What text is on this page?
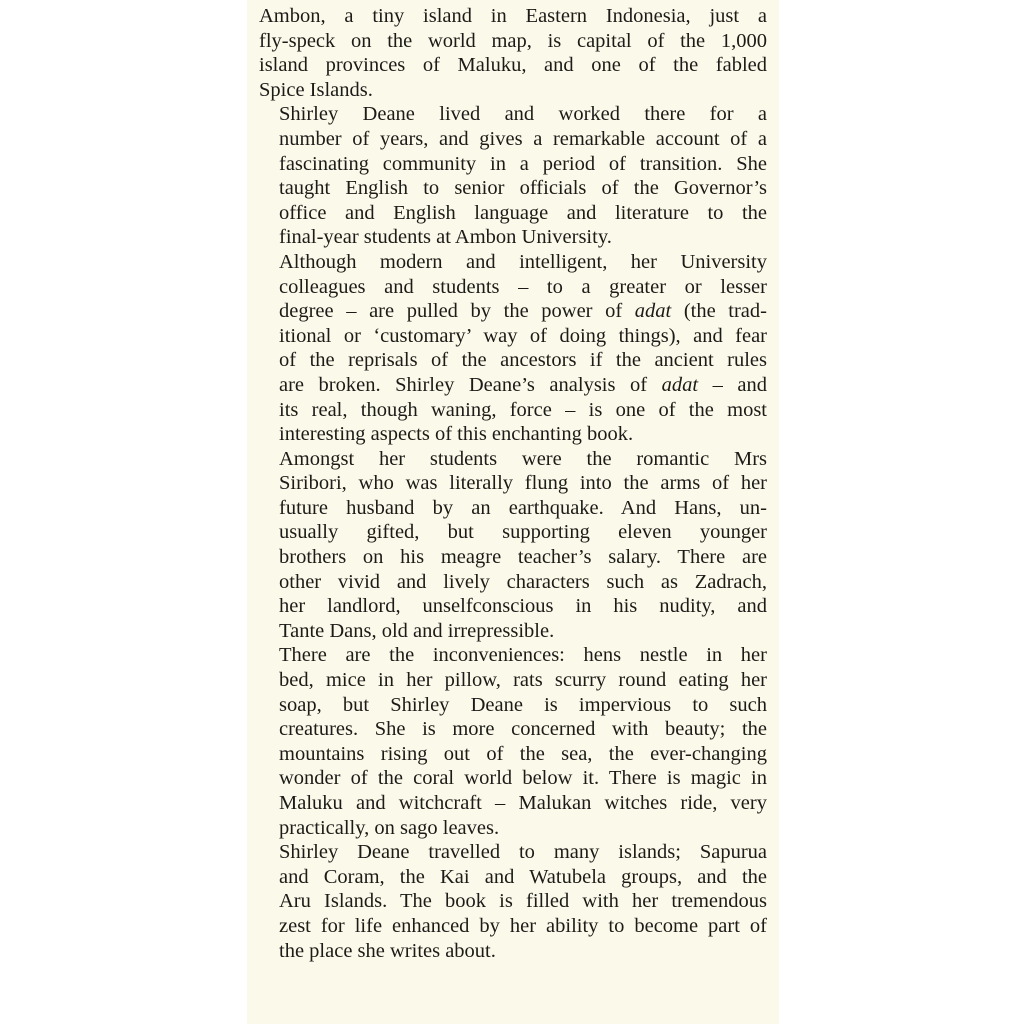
Ambon, a tiny island in Eastern Indonesia, just a
fly-speck on the world map, is capital of the 1,000
island provinces of Maluku, and one of the fabled
Spice Islands.

Shirley Deane lived and worked there for a
number of years, and gives a remarkable account of a
fascinating community in a period of transition. She
taught English to senior officials of the Governor’s
office and English language and literature to the
final-year students at Ambon University.

Although modern and intelligent, her University
colleagues and students – to a greater or lesser
degree – are pulled by the power of adat (the trad-
itional or ‘customary’ way of doing things), and fear
of the reprisals of the ancestors if the ancient rules
are broken. Shirley Deane’s analysis of adat – and
its real, though waning, force – is one of the most
interesting aspects of this enchanting book.

Amongst her students were the romantic Mrs
Siribori, who was literally flung into the arms of her
future husband by an earthquake. And Hans, un-
usually gifted, but supporting eleven younger
brothers on his meagre teacher’s salary. There are
other vivid and lively characters such as Zadrach,
her landlord, unselfconscious in his nudity, and
Tante Dans, old and irrepressible.

There are the inconveniences: hens nestle in her
bed, mice in her pillow, rats scurry round eating her
soap, but Shirley Deane is impervious to such
creatures. She is more concerned with beauty; the
mountains rising out of the sea, the ever-changing
wonder of the coral world below it. There is magic in
Maluku and witchcraft – Malukan witches ride, very
practically, on sago leaves.

Shirley Deane travelled to many islands; Sapurua
and Coram, the Kai and Watubela groups, and the
Aru Islands. The book is filled with her tremendous
zest for life enhanced by her ability to become part of
the place she writes about.
